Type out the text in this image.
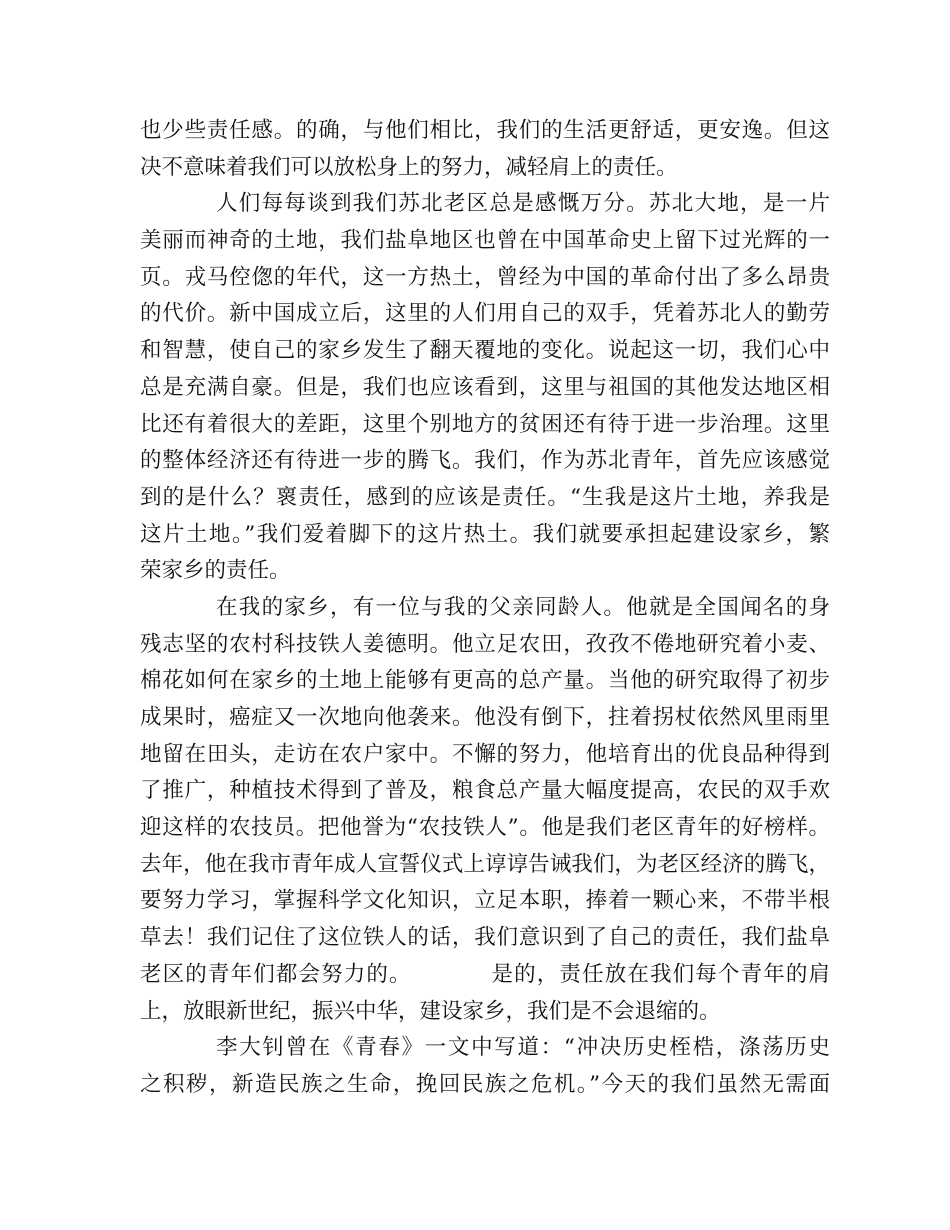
也少些责任感。的确，与他们相比，我们的生活更舒适，更安逸。但这
决不意味着我们可以放松身上的努力，减轻肩上的责任。
人们每每谈到我们苏北老区总是感慨万分。苏北大地，是一片
美丽而神奇的土地，我们盐阜地区也曾在中国革命史上留下过光辉的一
页。戎马倥偬的年代，这一方热土，曾经为中国的革命付出了多么昂贵
的代价。新中国成立后，这里的人们用自己的双手，凭着苏北人的勤劳
和智慧，使自己的家乡发生了翻天覆地的变化。说起这一切，我们心中
总是充满自豪。但是，我们也应该看到，这里与祖国的其他发达地区相
比还有着很大的差距，这里个别地方的贫困还有待于进一步治理。这里
的整体经济还有待进一步的腾飞。我们，作为苏北青年，首先应该感觉
到的是什么？褱责任，感到的应该是责任。“生我是这片土地，养我是
这片土地。”我们爱着脚下的这片热土。我们就要承担起建设家乡，繁
荣家乡的责任。
在我的家乡，有一位与我的父亲同龄人。他就是全国闻名的身
残志坚的农村科技铁人姜德明。他立足农田，孜孜不倦地研究着小麦、
棉花如何在家乡的土地上能够有更高的总产量。当他的研究取得了初步
成果时，癌症又一次地向他袭来。他没有倒下，拄着拐杖依然风里雨里
地留在田头，走访在农户家中。不懈的努力，他培育出的优良品种得到
了推广，种植技术得到了普及，粮食总产量大幅度提高，农民的双手欢
迎这样的农技员。把他誉为“农技铁人”。他是我们老区青年的好榜样。
去年，他在我市青年成人宣誓仪式上谆谆告诫我们，为老区经济的腾飞，
要努力学习，掌握科学文化知识，立足本职，捧着一颗心来，不带半根
草去！我们记住了这位铁人的话，我们意识到了自己的责任，我们盐阜
老区的青年们都会努力的。　　　　是的，责任放在我们每个青年的肩
上，放眼新世纪，振兴中华，建设家乡，我们是不会退缩的。
李大钊曾在《青春》一文中写道：“冲决历史桎梏，涤荡历史
之积秽，新造民族之生命，挽回民族之危机。”今天的我们虽然无需面
